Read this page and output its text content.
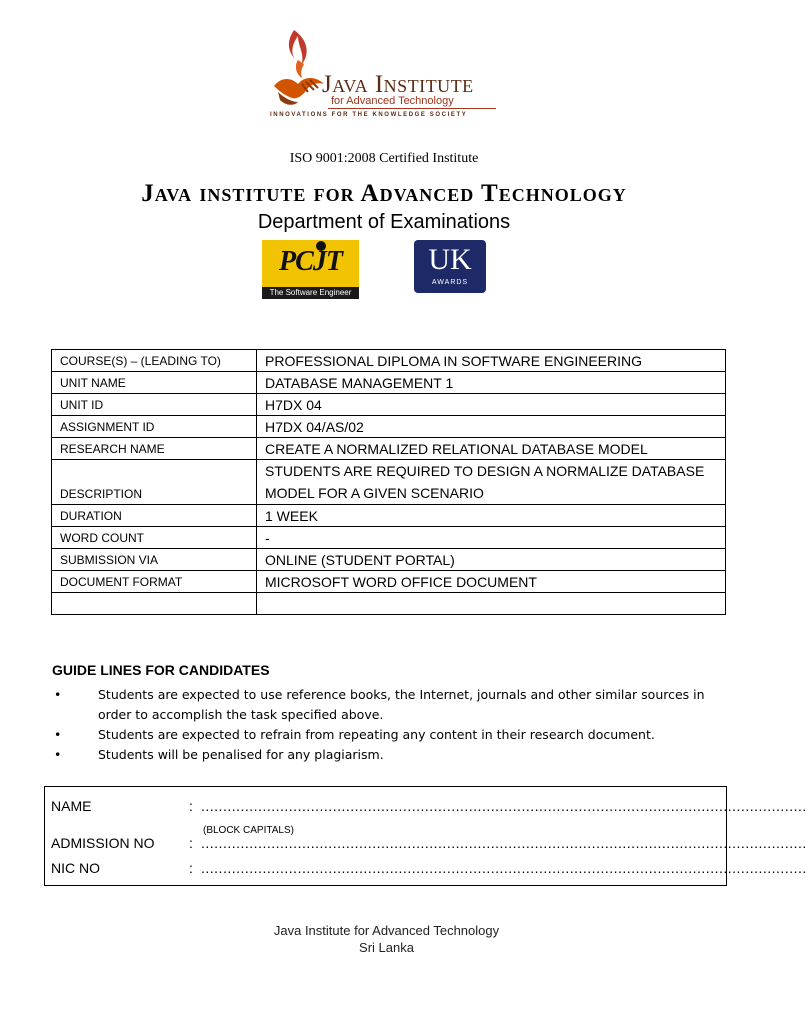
Java Institute
for Advanced Technology
INNOVATIONS FOR THE KNOWLEDGE SOCIETY
ISO 9001:2008 Certified Institute
Java institute for Advanced Technology
Department of Examinations
PCJT
The Software Engineer
UK
AWARDS
COURSE(S) – (LEADING TO)	PROFESSIONAL DIPLOMA IN SOFTWARE ENGINEERING
UNIT NAME	DATABASE MANAGEMENT 1
UNIT ID	H7DX 04
ASSIGNMENT ID	H7DX 04/AS/02
RESEARCH NAME	CREATE A NORMALIZED RELATIONAL DATABASE MODEL
DESCRIPTION	STUDENTS ARE REQUIRED TO DESIGN A NORMALIZE DATABASE MODEL FOR A GIVEN SCENARIO
DURATION	1 WEEK
WORD COUNT	-
SUBMISSION VIA	ONLINE (STUDENT PORTAL)
DOCUMENT FORMAT	MICROSOFT WORD OFFICE DOCUMENT

GUIDE LINES FOR CANDIDATES
•	Students are expected to use reference books, the Internet, journals and other similar sources in order to accomplish the task specified above.
•	Students are expected to refrain from repeating any content in their research document.
•	Students will be penalised for any plagiarism.
NAME	: ..........................................................................................................................................
(BLOCK CAPITALS)
ADMISSION NO : ..........................................................................................................................................
NIC NO	: ..........................................................................................................................................
Java Institute for Advanced Technology
Sri Lanka
